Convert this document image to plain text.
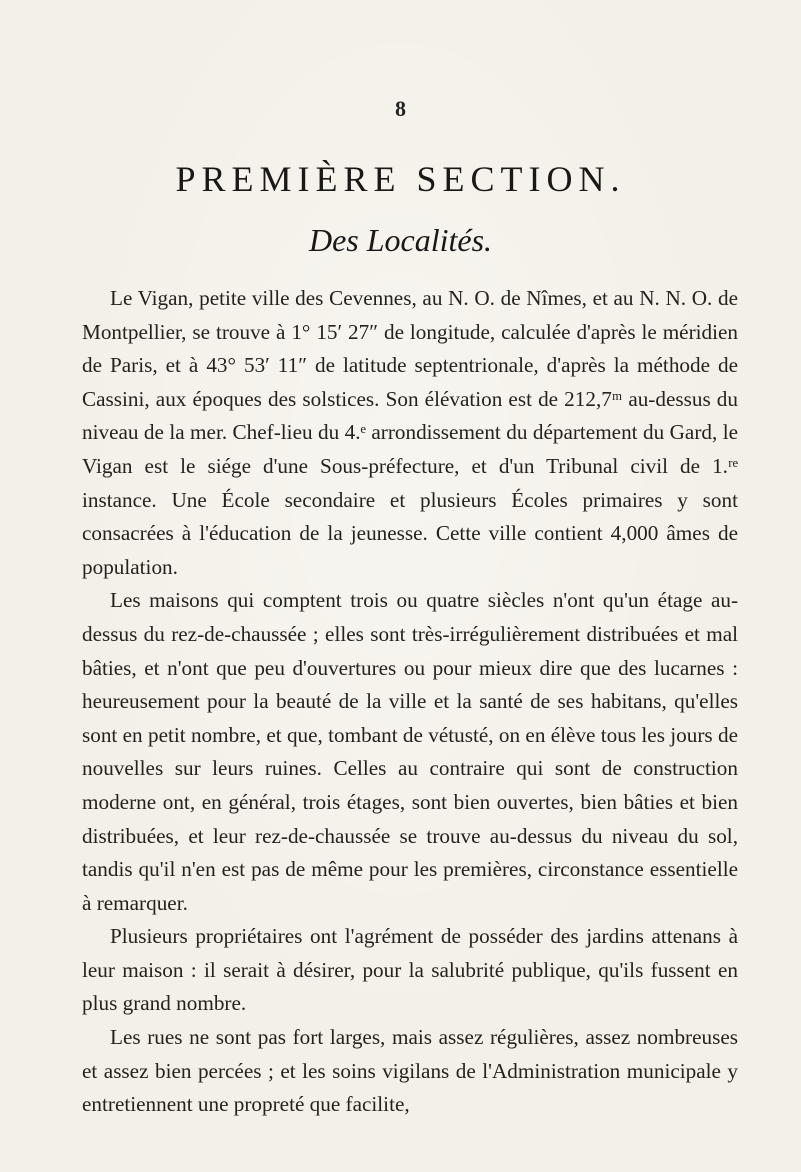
8
PREMIÈRE SECTION.
Des Localités.

Le Vigan, petite ville des Cevennes, au N. O. de Nîmes, et au N. N. O. de Montpellier, se trouve à 1° 15′ 27″ de longitude, calculée d'après le méridien de Paris, et à 43° 53′ 11″ de latitude septentrionale, d'après la méthode de Cassini, aux époques des solstices. Son élévation est de 212,7ᵐ au-dessus du niveau de la mer. Chef-lieu du 4.ᵉ arrondissement du département du Gard, le Vigan est le siége d'une Sous-préfecture, et d'un Tribunal civil de 1.ʳᵉ instance. Une École secondaire et plusieurs Écoles primaires y sont consacrées à l'éducation de la jeunesse. Cette ville contient 4,000 âmes de population.

Les maisons qui comptent trois ou quatre siècles n'ont qu'un étage au-dessus du rez-de-chaussée ; elles sont très-irrégulièrement distribuées et mal bâties, et n'ont que peu d'ouvertures ou pour mieux dire que des lucarnes : heureusement pour la beauté de la ville et la santé de ses habitans, qu'elles sont en petit nombre, et que, tombant de vétusté, on en élève tous les jours de nouvelles sur leurs ruines. Celles au contraire qui sont de construction moderne ont, en général, trois étages, sont bien ouvertes, bien bâties et bien distribuées, et leur rez-de-chaussée se trouve au-dessus du niveau du sol, tandis qu'il n'en est pas de même pour les premières, circonstance essentielle à remarquer.

Plusieurs propriétaires ont l'agrément de posséder des jardins attenans à leur maison : il serait à désirer, pour la salubrité publique, qu'ils fussent en plus grand nombre.

Les rues ne sont pas fort larges, mais assez régulières, assez nombreuses et assez bien percées ; et les soins vigilans de l'Administration municipale y entretiennent une propreté que facilite,
